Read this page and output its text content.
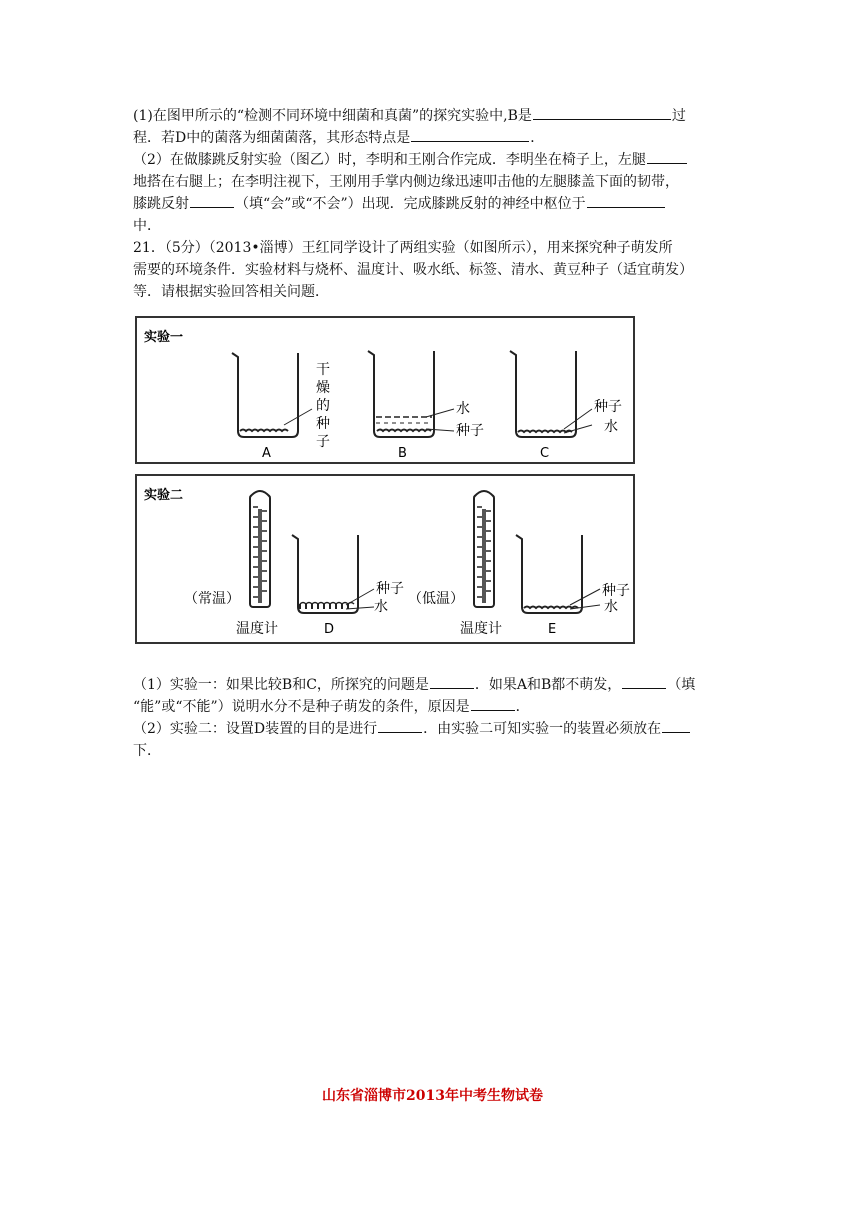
(1)在图甲所示的“检测不同环境中细菌和真菌”的探究实验中,B是	过
程．若D中的菌落为细菌菌落，其形态特点是	．
（2）在做膝跳反射实验（图乙）时，李明和王刚合作完成．李明坐在椅子上，左腿
地搭在右腿上；在李明注视下，王刚用手掌内侧边缘迅速叩击他的左腿膝盖下面的韧带，
膝跳反射	（填“会”或“不会”）出现．完成膝跳反射的神经中枢位于
中．
21．（5分）（2013•淄博）王红同学设计了两组实验（如图所示），用来探究种子萌发所
需要的环境条件．实验材料与烧杯、温度计、吸水纸、标签、清水、黄豆种子（适宜萌发）
等．请根据实验回答相关问题．
实验一
A
干
燥
的
种
子
B
水
种子
C
种子
水
实验二
（常温）
温度计	D
种子
水 （低温）
温度计	E
种子
水
（1）实验一：如果比较B和C，所探究的问题是	．如果A和B都不萌发，	（填
“能”或“不能”）说明水分不是种子萌发的条件，原因是	．
（2）实验二：设置D装置的目的是进行	．由实验二可知实验一的装置必须放在
下．
山东省淄博市2013年中考生物试卷
